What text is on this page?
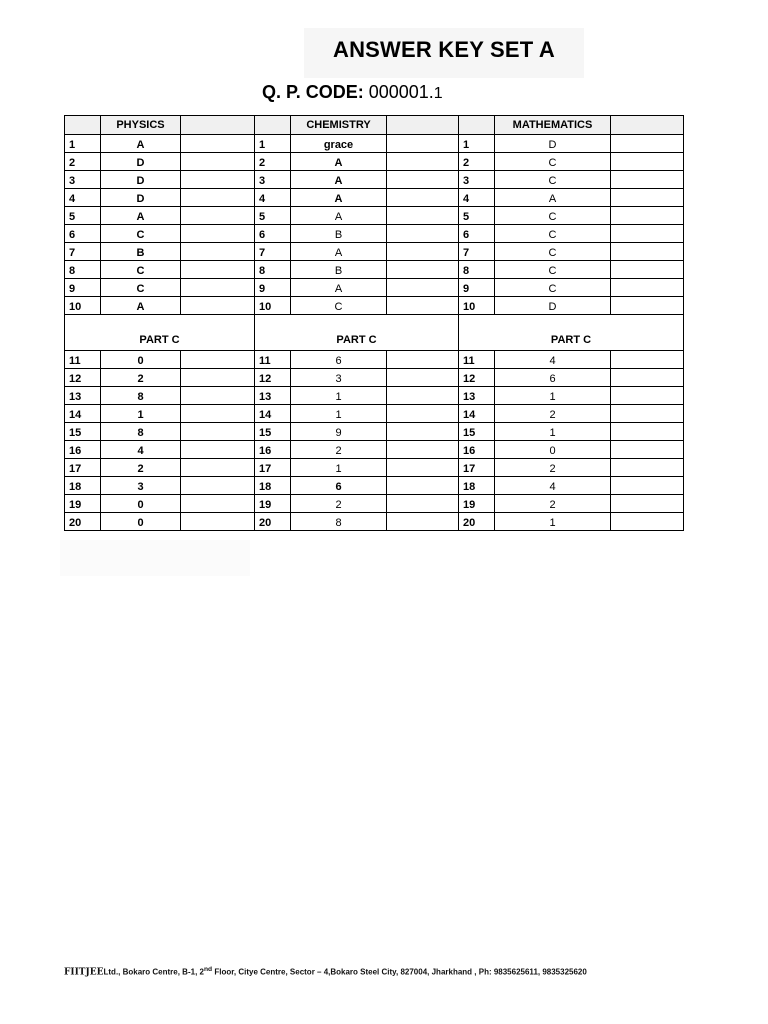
ANSWER KEY SET A
Q. P. CODE: 000001.1
	PHYSICS			CHEMISTRY			MATHEMATICS	
1	A		1	grace		1	D	
2	D		2	A		2	C	
3	D		3	A		3	C	
4	D		4	A		4	A	
5	A		5	A		5	C	
6	C		6	B		6	C	
7	B		7	A		7	C	
8	C		8	B		8	C	
9	C		9	A		9	C	
10	A		10	C		10	D	
PART C			PART C			PART C		
11	0		11	6		11	4	
12	2		12	3		12	6	
13	8		13	1		13	1	
14	1		14	1		14	2	
15	8		15	9		15	1	
16	4		16	2		16	0	
17	2		17	1		17	2	
18	3		18	6		18	4	
19	0		19	2		19	2	
20	0		20	8		20	1	
FIITJEELtd., Bokaro Centre, B-1, 2nd Floor, Citye Centre, Sector – 4,Bokaro Steel City, 827004, Jharkhand , Ph: 9835625611, 9835325620
